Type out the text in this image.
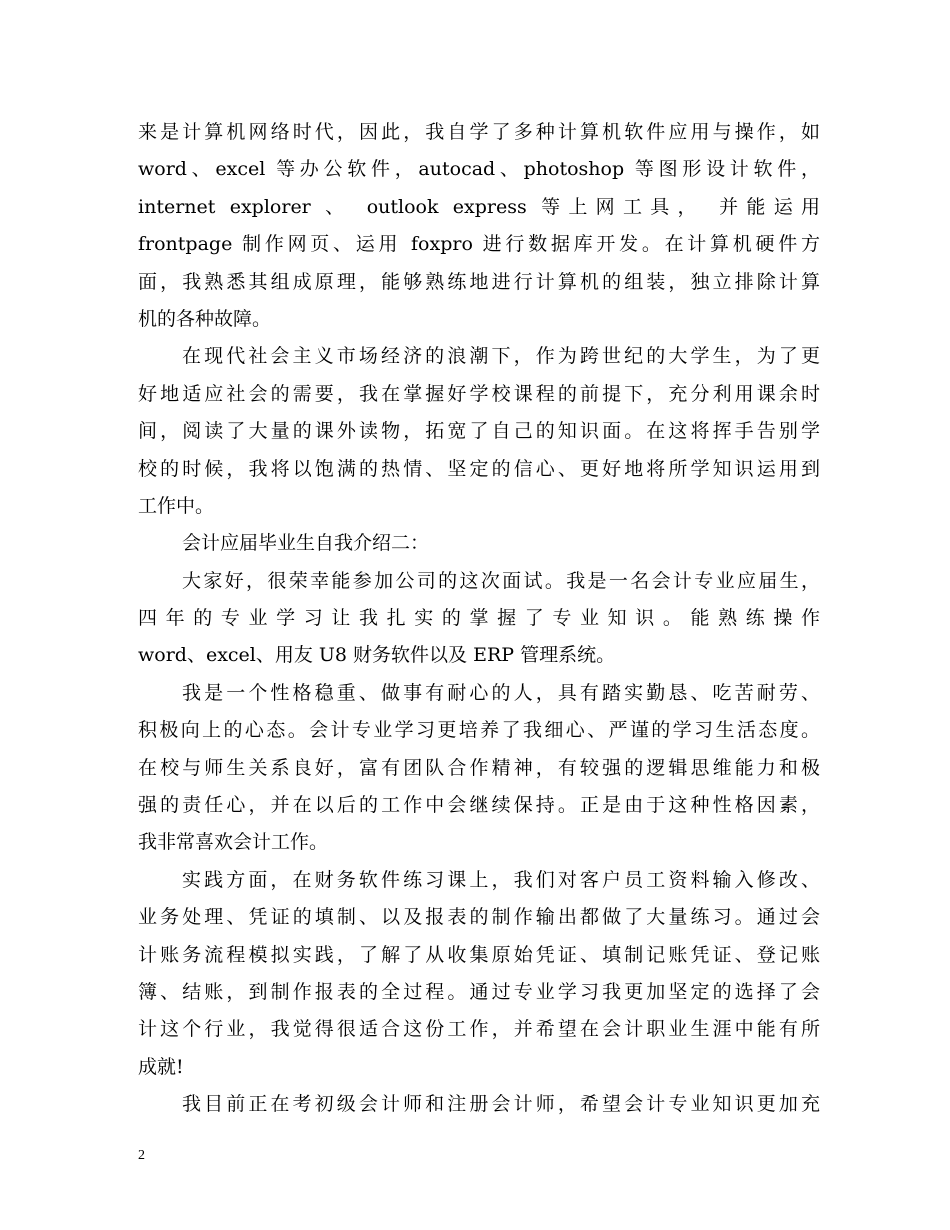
来是计算机网络时代，因此，我自学了多种计算机软件应用与操作，如
word、excel 等办公软件，autocad、photoshop 等图形设计软件，
internet explorer 、 outlook express 等上网工具， 并能运用
frontpage 制作网页、运用 foxpro 进行数据库开发。在计算机硬件方
面，我熟悉其组成原理，能够熟练地进行计算机的组装，独立排除计算
机的各种故障。
在现代社会主义市场经济的浪潮下，作为跨世纪的大学生，为了更
好地适应社会的需要，我在掌握好学校课程的前提下，充分利用课余时
间，阅读了大量的课外读物，拓宽了自己的知识面。在这将挥手告别学
校的时候，我将以饱满的热情、坚定的信心、更好地将所学知识运用到
工作中。
会计应届毕业生自我介绍二：
大家好，很荣幸能参加公司的这次面试。我是一名会计专业应届生，
四年的专业学习让我扎实的掌握了专业知识。能熟练操作
word、excel、用友 U8 财务软件以及 ERP 管理系统。
我是一个性格稳重、做事有耐心的人，具有踏实勤恳、吃苦耐劳、
积极向上的心态。会计专业学习更培养了我细心、严谨的学习生活态度。
在校与师生关系良好，富有团队合作精神，有较强的逻辑思维能力和极
强的责任心，并在以后的工作中会继续保持。正是由于这种性格因素，
我非常喜欢会计工作。
实践方面，在财务软件练习课上，我们对客户员工资料输入修改、
业务处理、凭证的填制、以及报表的制作输出都做了大量练习。通过会
计账务流程模拟实践，了解了从收集原始凭证、填制记账凭证、登记账
簿、结账，到制作报表的全过程。通过专业学习我更加坚定的选择了会
计这个行业，我觉得很适合这份工作，并希望在会计职业生涯中能有所
成就!
我目前正在考初级会计师和注册会计师，希望会计专业知识更加充
2
